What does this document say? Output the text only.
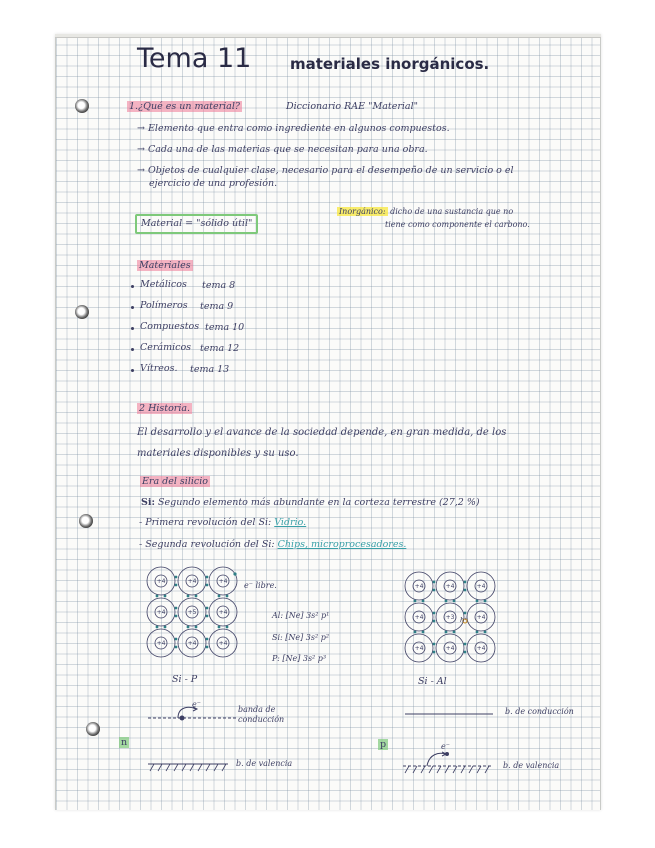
Tema 11	materiales inorgánicos.
1.¿Qué es un material?	Diccionario RAE "Material"
→ Elemento que entra como ingrediente en algunos compuestos.
→ Cada una de las materias que se necesitan para una obra.
→ Objetos de cualquier clase, necesario para el desempeño de un servicio o el
ejercicio de una profesión.
Material = "sólido útil"
Inorgánico: dicho de una sustancia que no
tiene como componente el carbono.
Materiales
Metálicos tema 8
Polímeros tema 9
Compuestos tema 10
Cerámicos tema 12
Vítreos. tema 13
2 Historia.
El desarrollo y el avance de la sociedad depende, en gran medida, de los
materiales disponibles y su uso.
Era del silicio
Si: Segundo elemento más abundante en la corteza terrestre (27,2 %)
- Primera revolución del Si: Vidrio.
- Segunda revolución del Si: Chips, microprocesadores.
+4	+4	+4
+4	+5	+4
+4	+4	+4
e⁻ libre.
Al: [Ne] 3s² p¹
Si: [Ne] 3s² p²
P: [Ne] 3s² p³
Si - P
e⁻
banda de
conducción
n
b. de valencia
+4	+4	+4
+4	+3	+4
+4	+4	+4
h⁺
Si - Al
b. de conducción
p	e⁻
b. de valencia
